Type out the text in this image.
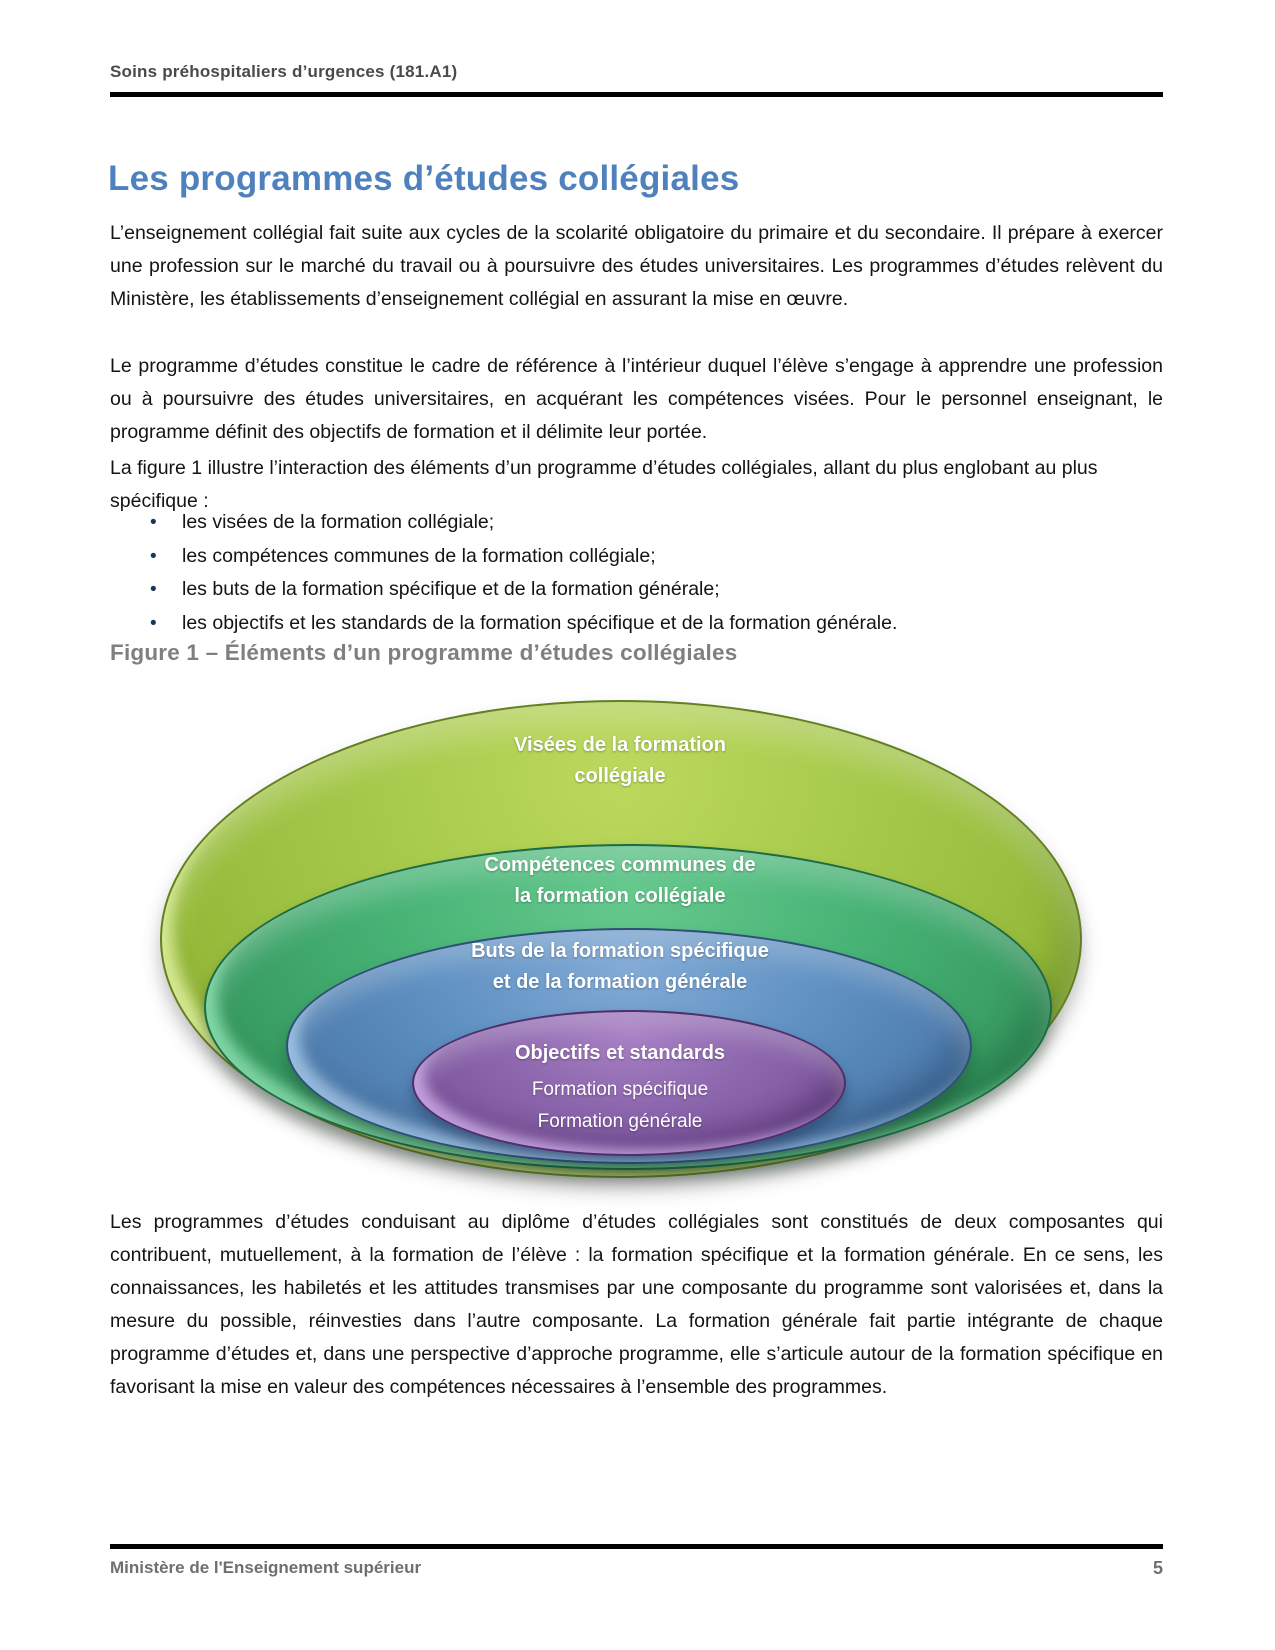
Soins préhospitaliers d’urgences (181.A1)
Les programmes d’études collégiales

L’enseignement collégial fait suite aux cycles de la scolarité obligatoire du primaire et du secondaire. Il prépare à exercer une profession sur le marché du travail ou à poursuivre des études universitaires. Les programmes d’études relèvent du Ministère, les établissements d’enseignement collégial en assurant la mise en œuvre.

Le programme d’études constitue le cadre de référence à l’intérieur duquel l’élève s’engage à apprendre une profession ou à poursuivre des études universitaires, en acquérant les compétences visées. Pour le personnel enseignant, le programme définit des objectifs de formation et il délimite leur portée.

La figure 1 illustre l’interaction des éléments d’un programme d’études collégiales, allant du plus englobant au plus spécifique :

• les visées de la formation collégiale;
• les compétences communes de la formation collégiale;
• les buts de la formation spécifique et de la formation générale;
• les objectifs et les standards de la formation spécifique et de la formation générale.
Figure 1 – Éléments d’un programme d’études collégiales
Visées de la formation
collégiale
Compétences communes de
la formation collégiale
Buts de la formation spécifique
et de la formation générale
Objectifs et standards
Formation spécifique
Formation générale

Les programmes d’études conduisant au diplôme d’études collégiales sont constitués de deux composantes qui contribuent, mutuellement, à la formation de l’élève : la formation spécifique et la formation générale. En ce sens, les connaissances, les habiletés et les attitudes transmises par une composante du programme sont valorisées et, dans la mesure du possible, réinvesties dans l’autre composante. La formation générale fait partie intégrante de chaque programme d’études et, dans une perspective d’approche programme, elle s’articule autour de la formation spécifique en favorisant la mise en valeur des compétences nécessaires à l’ensemble des programmes.

Ministère de l'Enseignement supérieur	5
